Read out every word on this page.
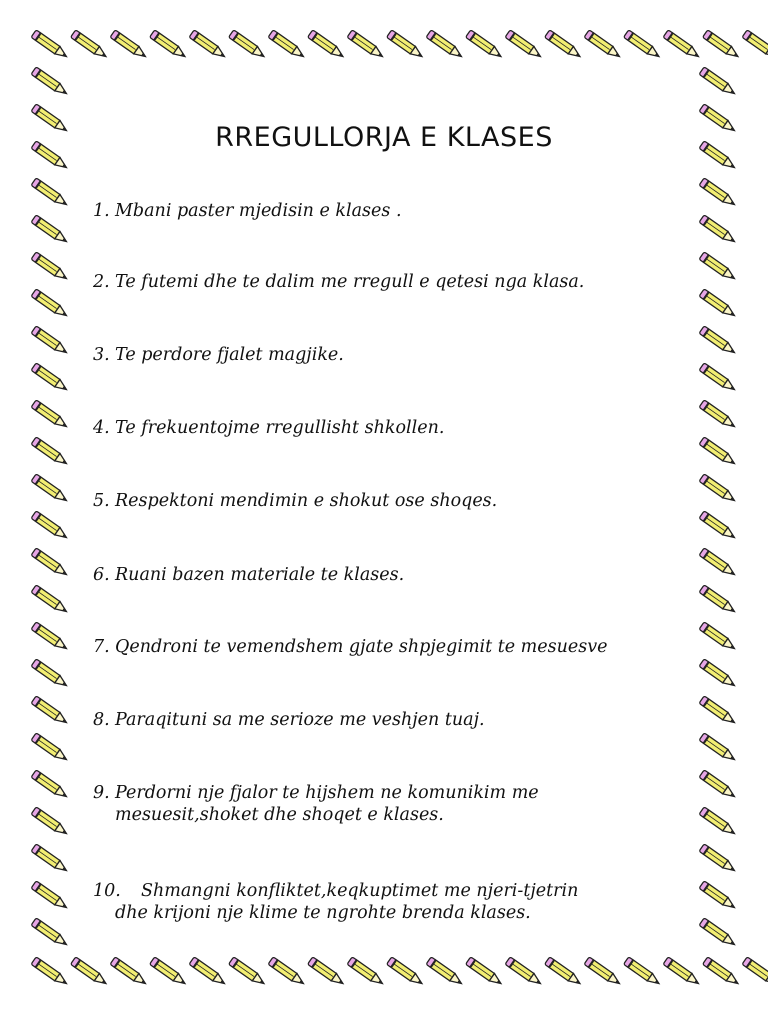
RREGULLORJA E KLASES
1. Mbani paster mjedisin e klases .
2. Te futemi dhe te dalim me rregull e qetesi nga klasa.
3. Te perdore fjalet magjike.
4. Te frekuentojme rregullisht shkollen.
5. Respektoni mendimin e shokut ose shoqes.
6. Ruani bazen materiale te klases.
7. Qendroni te vemendshem gjate shpjegimit te mesuesve
8. Paraqituni sa me serioze me veshjen tuaj.
9. Perdorni nje fjalor te hijshem ne komunikim me
mesuesit,shoket dhe shoqet e klases.
10. Shmangni konfliktet,keqkuptimet me njeri-tjetrin
dhe krijoni nje klime te ngrohte brenda klases.
